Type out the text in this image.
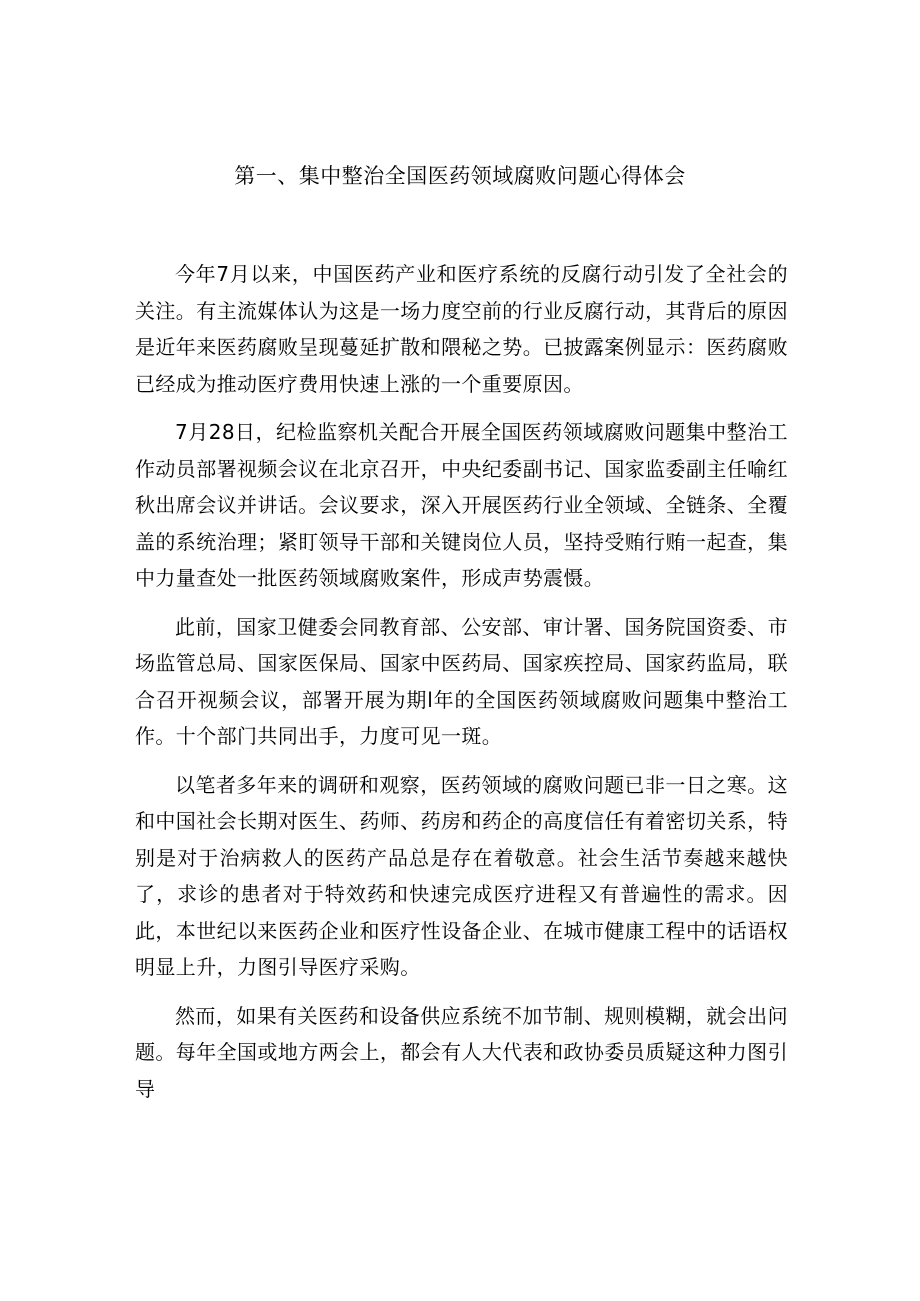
第一、集中整治全国医药领域腐败问题心得体会

今年7月以来，中国医药产业和医疗系统的反腐行动引发了全社会的关注。有主流媒体认为这是一场力度空前的行业反腐行动，其背后的原因是近年来医药腐败呈现蔓延扩散和隈秘之势。已披露案例显示：医药腐败已经成为推动医疗费用快速上涨的一个重要原因。

7月28日，纪检监察机关配合开展全国医药领域腐败问题集中整治工作动员部署视频会议在北京召开，中央纪委副书记、国家监委副主任喻红秋出席会议并讲话。会议要求，深入开展医药行业全领域、全链条、全覆盖的系统治理；紧盯领导干部和关键岗位人员，坚持受贿行贿一起查，集中力量查处一批医药领域腐败案件，形成声势震慑。

此前，国家卫健委会同教育部、公安部、审计署、国务院国资委、市场监管总局、国家医保局、国家中医药局、国家疾控局、国家药监局，联合召开视频会议，部署开展为期l年的全国医药领域腐败问题集中整治工作。十个部门共同出手，力度可见一斑。

以笔者多年来的调研和观察，医药领域的腐败问题已非一日之寒。这和中国社会长期对医生、药师、药房和药企的高度信任有着密切关系，特别是对于治病救人的医药产品总是存在着敬意。社会生活节奏越来越快了，求诊的患者对于特效药和快速完成医疗进程又有普遍性的需求。因此，本世纪以来医药企业和医疗性设备企业、在城市健康工程中的话语权明显上升，力图引导医疗采购。

然而，如果有关医药和设备供应系统不加节制、规则模糊，就会出问题。每年全国或地方两会上，都会有人大代表和政协委员质疑这种力图引导
